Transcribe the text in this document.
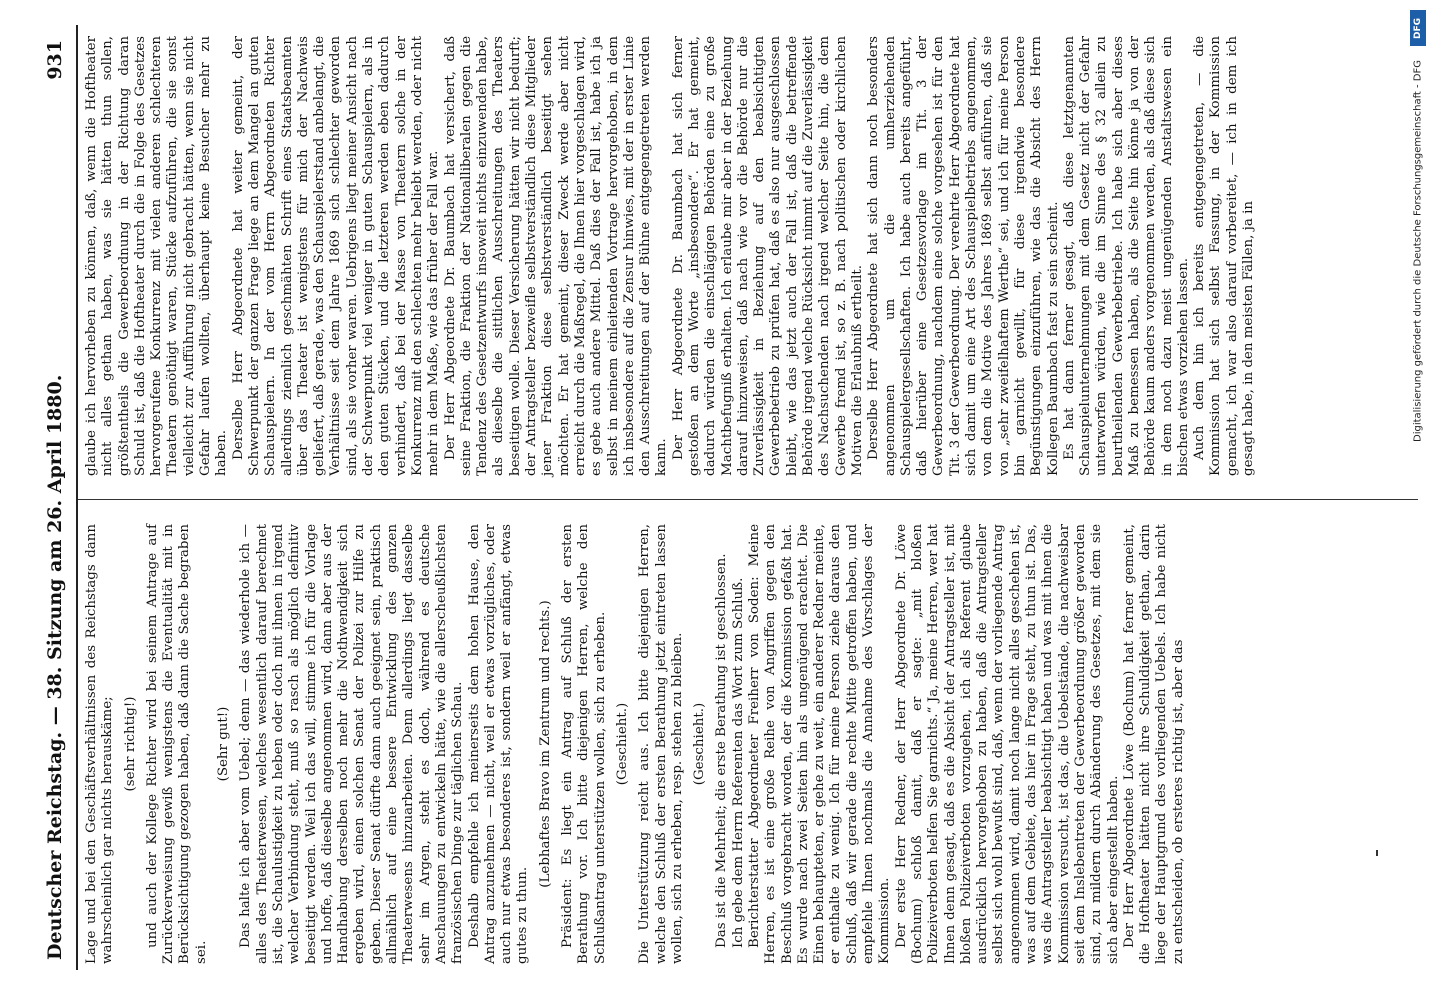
Deutscher Reichstag. — 38. Sitzung am 26. April 1880.
931

Lage und bei den Geschäftsverhältnissen des Reichstags dann wahrscheinlich gar nichts herauskäme; (sehr richtig!) und auch der Kollege Richter wird bei seinem Antrage auf Zurückverweisung gewiß wenigstens die Eventualität mit in Berücksichtigung gezogen haben, daß dann die Sache begraben sei.

(Sehr gut!) Das halte ich aber vom Uebel; denn — das wiederhole ich — alles des Theaterwesen, welches wesentlich darauf berechnet ist, die Schaulustigkeit zu heben oder doch mit ihnen in irgend welcher Verbindung steht, muß so rasch als möglich definitiv beseitigt werden. Weil ich das will, stimme ich für die Vorlage und hoffe, daß dieselbe angenommen wird, dann aber aus der Handhabung derselben noch mehr die Nothwendigkeit sich ergeben wird, einen solchen Senat der Polizei zur Hilfe zu geben. Dieser Senat dürfte dann auch geeignet sein, praktisch allmählich auf eine bessere Entwicklung des ganzen Theaterwesens hinzuarbeiten. Denn allerdings liegt dasselbe sehr im Argen, steht es doch, während es deutsche Anschauungen zu entwickeln hätte, wie die allerscheußlichsten französischen Dinge zur täglichen Schau. Deshalb empfehle ich meinerseits dem hohen Hause, den Antrag anzunehmen — nicht, weil er etwas vorzügliches, oder auch nur etwas besonderes ist, sondern weil er anfängt, etwas gutes zu thun.

(Lebhaftes Bravo im Zentrum und rechts.) Präsident: Es liegt ein Antrag auf Schluß der ersten Berathung vor. Ich bitte diejenigen Herren, welche den Schlußantrag unterstützen wollen, sich zu erheben. (Geschieht.) Die Unterstützung reicht aus. Ich bitte diejenigen Herren, welche den Schluß der ersten Berathung jetzt eintreten lassen wollen, sich zu erheben, resp. stehen zu bleiben. (Geschieht.) Das ist die Mehrheit; die erste Berathung ist geschlossen. Ich gebe dem Herrn Referenten das Wort zum Schluß. Berichterstatter Abgeordneter Freiherr von Soden: Meine Herren, es ist eine große Reihe von Angriffen gegen den Beschluß vorgebracht worden, der die Kommission gefaßt hat. Es wurde nach zwei Seiten hin als ungenügend erachtet. Die Einen behaupteten, er gehe zu weit, ein anderer Redner meinte, er enthalte zu wenig. Ich für meine Person ziehe daraus den Schluß, daß wir gerade die rechte Mitte getroffen haben, und empfehle Ihnen nochmals die Annahme des Vorschlages der Kommission. Der erste Herr Redner, der Herr Abgeordnete Dr. Löwe (Bochum) schloß damit, daß er sagte: „mit bloßen Polizeiverboten helfen Sie garnichts.“ Ja, meine Herren, wer hat Ihnen denn gesagt, daß es die Absicht der Antragsteller ist, mit bloßen Polizeiverboten vorzugehen, ich als Referent glaube ausdrücklich hervorgehoben zu haben, daß die Antragsteller selbst sich wohl bewußt sind, daß, wenn der vorliegende Antrag angenommen wird, damit noch lange nicht alles geschehen ist, was auf dem Gebiete, das hier in Frage steht, zu thun ist. Das, was die Antragsteller beabsichtigt haben und was mit ihnen die Kommission versucht, ist das, die Uebelstände, die nachweisbar seit dem Inslebentreten der Gewerbeordnung größer geworden sind, zu mildern durch Abänderung des Gesetzes, mit dem sie sich aber eingestellt haben. Der Herr Abgeordnete Löwe (Bochum) hat ferner gemeint, die Hoftheater hätten nicht ihre Schuldigkeit gethan, darin liege der Hauptgrund des vorliegenden Uebels. Ich habe nicht zu entscheiden, ob ersteres richtig ist, aber das

glaube ich hervorheben zu können, daß, wenn die Hoftheater nicht alles gethan haben, was sie hätten thun sollen, größtentheils die Gewerbeordnung in der Richtung daran Schuld ist, daß die Hoftheater durch die in Folge des Gesetzes hervorgerufene Konkurrenz mit vielen anderen schlechteren Theatern genöthigt waren, Stücke aufzuführen, die sie sonst vielleicht zur Aufführung nicht gebracht hätten, wenn sie nicht Gefahr laufen wollten, überhaupt keine Besucher mehr zu haben. Derselbe Herr Abgeordnete hat weiter gemeint, der Schwerpunkt der ganzen Frage liege an dem Mangel an guten Schauspielern. In der vom Herrn Abgeordneten Richter allerdings ziemlich geschmähten Schrift eines Staatsbeamten über das Theater ist wenigstens für mich der Nachweis geliefert, daß gerade, was den Schauspielerstand anbelangt, die Verhältnisse seit dem Jahre 1869 sich schlechter geworden sind, als sie vorher waren. Uebrigens liegt meiner Ansicht nach der Schwerpunkt viel weniger in guten Schauspielern, als in den guten Stücken, und die letzteren werden eben dadurch verhindert, daß bei der Masse von Theatern solche in der Konkurrenz mit den schlechten mehr beliebt werden, oder nicht mehr in dem Maße, wie das früher der Fall war. Der Herr Abgeordnete Dr. Baumbach hat versichert, daß seine Fraktion, die Fraktion der Nationalliberalen gegen die Tendenz des Gesetzentwurfs insoweit nichts einzuwenden habe, als dieselbe die sittlichen Ausschreitungen des Theaters beseitigen wolle. Dieser Versicherung hätten wir nicht bedurft; der Antragsteller bezweifle selbstverständlich diese Mitglieder jener Fraktion diese selbstverständlich beseitigt sehen möchten. Er hat gemeint, dieser Zweck werde aber nicht erreicht durch die Maßregel, die Ihnen hier vorgeschlagen wird, es gebe auch andere Mittel. Daß dies der Fall ist, habe ich ja selbst in meinem einleitenden Vortrage hervorgehoben, in dem ich insbesondere auf die Zensur hinwies, mit der in erster Linie den Ausschreitungen auf der Bühne entgegengetreten werden kann. Der Herr Abgeordnete Dr. Baumbach hat sich ferner gestoßen an dem Worte „insbesondere“. Er hat gemeint, dadurch würden die einschlägigen Behörden eine zu große Machtbefugniß erhalten. Ich erlaube mir aber in der Beziehung darauf hinzuweisen, daß nach wie vor die Behörde nur die Zuverlässigkeit in Beziehung auf den beabsichtigten Gewerbebetrieb zu prüfen hat, daß es also nur ausgeschlossen bleibt, wie das jetzt auch der Fall ist, daß die betreffende Behörde irgend welche Rücksicht nimmt auf die Zuverlässigkeit des Nachsuchenden nach irgend welcher Seite hin, die dem Gewerbe fremd ist, so z. B. nach politischen oder kirchlichen Motiven die Erlaubniß ertheilt. Derselbe Herr Abgeordnete hat sich dann noch besonders angenommen um die umherziehenden Schauspielergesellschaften. Ich habe auch bereits angeführt, daß hierüber eine Gesetzesvorlage im Tit. 3 der Gewerbeordnung, nachdem eine solche vorgesehen ist für den Tit. 3 der Gewerbeordnung. Der verehrte Herr Abgeordnete hat sich damit um eine Art des Schauspielbetriebs angenommen, von dem die Motive des Jahres 1869 selbst anführen, daß sie von „sehr zweifelhaftem Werthe“ sei, und ich für meine Person bin garnicht gewillt, für diese irgendwie besondere Begünstigungen einzuführen, wie das die Absicht des Herrn Kollegen Baumbach fast zu sein scheint. Es hat dann ferner gesagt, daß diese letztgenannten Schauspielunternehmungen mit dem Gesetz nicht der Gefahr unterworfen würden, wie die im Sinne des § 32 allein zu beurtheilenden Gewerbebetriebe. Ich habe sich aber dieses Maß zu bemessen haben, als die Seite hin könne ja von der Behörde kaum anders vorgenommen werden, als daß diese sich in dem noch dazu meist ungenügenden Anstaltswesen ein bischen etwas vorziehen lassen. Auch dem hin ich bereits entgegengetreten, — die Kommission hat sich selbst Fassung, in der Kommission gemacht, ich war also darauf vorbereitet, — ich in dem ich gesagt habe, in den meisten Fällen, ja in

DFG
Digitalisierung gefördert durch die Deutsche Forschungsgemeinschaft - DFG
